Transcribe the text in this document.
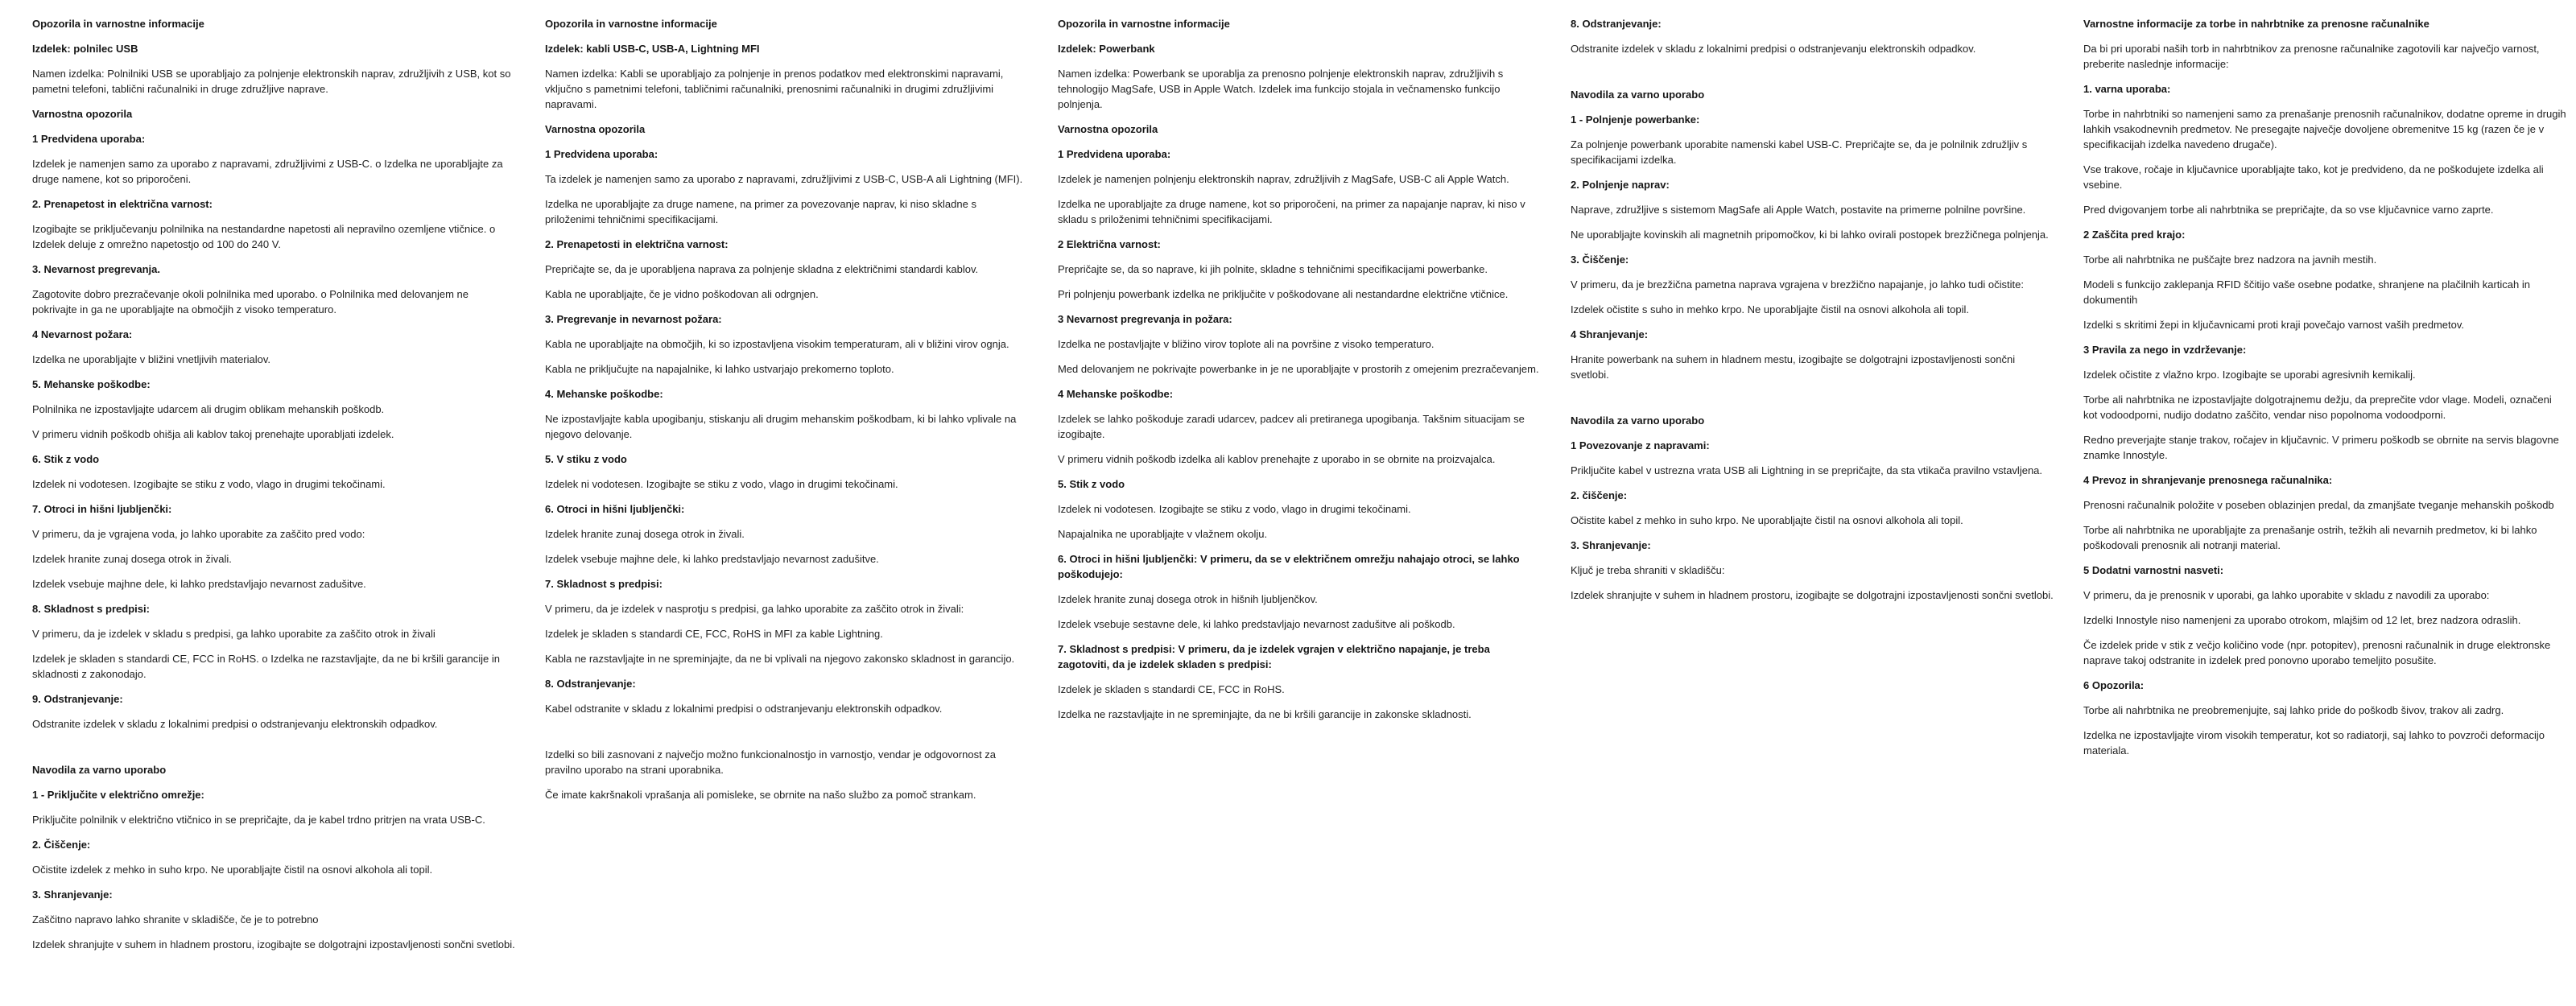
Opozorila in varnostne informacije

Izdelek: polnilec USB

Namen izdelka: Polnilniki USB se uporabljajo za polnjenje elektronskih naprav, združljivih z USB, kot so pametni telefoni, tablični računalniki in druge združljive naprave.

Varnostna opozorila

1 Predvidena uporaba:

Izdelek je namenjen samo za uporabo z napravami, združljivimi z USB-C. o Izdelka ne uporabljajte za druge namene, kot so priporočeni.

2. Prenapetost in električna varnost:

Izogibajte se priključevanju polnilnika na nestandardne napetosti ali nepravilno ozemljene vtičnice. o Izdelek deluje z omrežno napetostjo od 100 do 240 V.

3. Nevarnost pregrevanja.

Zagotovite dobro prezračevanje okoli polnilnika med uporabo. o Polnilnika med delovanjem ne pokrivajte in ga ne uporabljajte na območjih z visoko temperaturo.

4 Nevarnost požara:

Izdelka ne uporabljajte v bližini vnetljivih materialov.

5. Mehanske poškodbe:

Polnilnika ne izpostavljajte udarcem ali drugim oblikam mehanskih poškodb.

V primeru vidnih poškodb ohišja ali kablov takoj prenehajte uporabljati izdelek.

6. Stik z vodo

Izdelek ni vodotesen. Izogibajte se stiku z vodo, vlago in drugimi tekočinami.

7. Otroci in hišni ljubljenčki:

V primeru, da je vgrajena voda, jo lahko uporabite za zaščito pred vodo:

Izdelek hranite zunaj dosega otrok in živali.

Izdelek vsebuje majhne dele, ki lahko predstavljajo nevarnost zadušitve.

8. Skladnost s predpisi:

V primeru, da je izdelek v skladu s predpisi, ga lahko uporabite za zaščito otrok in živali

Izdelek je skladen s standardi CE, FCC in RoHS. o Izdelka ne razstavljajte, da ne bi kršili garancije in skladnosti z zakonodajo.

9. Odstranjevanje:

Odstranite izdelek v skladu z lokalnimi predpisi o odstranjevanju elektronskih odpadkov.

Navodila za varno uporabo

1 - Priključite v električno omrežje:

Priključite polnilnik v električno vtičnico in se prepričajte, da je kabel trdno pritrjen na vrata USB-C.

2. Čiščenje:

Očistite izdelek z mehko in suho krpo. Ne uporabljajte čistil na osnovi alkohola ali topil.

3. Shranjevanje:

Zaščitno napravo lahko shranite v skladišče, če je to potrebno

Izdelek shranjujte v suhem in hladnem prostoru, izogibajte se dolgotrajni izpostavljenosti sončni svetlobi.

Opozorila in varnostne informacije

Izdelek: kabli USB-C, USB-A, Lightning MFI

Namen izdelka: Kabli se uporabljajo za polnjenje in prenos podatkov med elektronskimi napravami, vključno s pametnimi telefoni, tabličnimi računalniki, prenosnimi računalniki in drugimi združljivimi napravami.

Varnostna opozorila

1 Predvidena uporaba:

Ta izdelek je namenjen samo za uporabo z napravami, združljivimi z USB-C, USB-A ali Lightning (MFI).

Izdelka ne uporabljajte za druge namene, na primer za povezovanje naprav, ki niso skladne s priloženimi tehničnimi specifikacijami.

2. Prenapetosti in električna varnost:

Prepričajte se, da je uporabljena naprava za polnjenje skladna z električnimi standardi kablov.

Kabla ne uporabljajte, če je vidno poškodovan ali odrgnjen.

3. Pregrevanje in nevarnost požara:

Kabla ne uporabljajte na območjih, ki so izpostavljena visokim temperaturam, ali v bližini virov ognja.

Kabla ne priključujte na napajalnike, ki lahko ustvarjajo prekomerno toploto.

4. Mehanske poškodbe:

Ne izpostavljajte kabla upogibanju, stiskanju ali drugim mehanskim poškodbam, ki bi lahko vplivale na njegovo delovanje.

5. V stiku z vodo

Izdelek ni vodotesen. Izogibajte se stiku z vodo, vlago in drugimi tekočinami.

6. Otroci in hišni ljubljenčki:

Izdelek hranite zunaj dosega otrok in živali.

Izdelek vsebuje majhne dele, ki lahko predstavljajo nevarnost zadušitve.

7. Skladnost s predpisi:

V primeru, da je izdelek v nasprotju s predpisi, ga lahko uporabite za zaščito otrok in živali:

Izdelek je skladen s standardi CE, FCC, RoHS in MFI za kable Lightning.

Kabla ne razstavljajte in ne spreminjajte, da ne bi vplivali na njegovo zakonsko skladnost in garancijo.

8. Odstranjevanje:

Kabel odstranite v skladu z lokalnimi predpisi o odstranjevanju elektronskih odpadkov.

Izdelki so bili zasnovani z največjo možno funkcionalnostjo in varnostjo, vendar je odgovornost za pravilno uporabo na strani uporabnika.

Če imate kakršnakoli vprašanja ali pomisleke, se obrnite na našo službo za pomoč strankam.

Opozorila in varnostne informacije

Izdelek: Powerbank

Namen izdelka: Powerbank se uporablja za prenosno polnjenje elektronskih naprav, združljivih s tehnologijo MagSafe, USB in Apple Watch. Izdelek ima funkcijo stojala in večnamensko funkcijo polnjenja.

Varnostna opozorila

1 Predvidena uporaba:

Izdelek je namenjen polnjenju elektronskih naprav, združljivih z MagSafe, USB-C ali Apple Watch.

Izdelka ne uporabljajte za druge namene, kot so priporočeni, na primer za napajanje naprav, ki niso v skladu s priloženimi tehničnimi specifikacijami.

2 Električna varnost:

Prepričajte se, da so naprave, ki jih polnite, skladne s tehničnimi specifikacijami powerbanke.

Pri polnjenju powerbank izdelka ne priključite v poškodovane ali nestandardne električne vtičnice.

3 Nevarnost pregrevanja in požara:

Izdelka ne postavljajte v bližino virov toplote ali na površine z visoko temperaturo.

Med delovanjem ne pokrivajte powerbanke in je ne uporabljajte v prostorih z omejenim prezračevanjem.

4 Mehanske poškodbe:

Izdelek se lahko poškoduje zaradi udarcev, padcev ali pretiranega upogibanja. Takšnim situacijam se izogibajte.

V primeru vidnih poškodb izdelka ali kablov prenehajte z uporabo in se obrnite na proizvajalca.

5. Stik z vodo

Izdelek ni vodotesen. Izogibajte se stiku z vodo, vlago in drugimi tekočinami.

Napajalnika ne uporabljajte v vlažnem okolju.

6. Otroci in hišni ljubljenčki: V primeru, da se v električnem omrežju nahajajo otroci, se lahko poškodujejo:

Izdelek hranite zunaj dosega otrok in hišnih ljubljenčkov.

Izdelek vsebuje sestavne dele, ki lahko predstavljajo nevarnost zadušitve ali poškodb.

7. Skladnost s predpisi: V primeru, da je izdelek vgrajen v električno napajanje, je treba zagotoviti, da je izdelek skladen s predpisi:

Izdelek je skladen s standardi CE, FCC in RoHS.

Izdelka ne razstavljajte in ne spreminjajte, da ne bi kršili garancije in zakonske skladnosti.

8. Odstranjevanje:

Odstranite izdelek v skladu z lokalnimi predpisi o odstranjevanju elektronskih odpadkov.

Navodila za varno uporabo

1 - Polnjenje powerbanke:

Za polnjenje powerbank uporabite namenski kabel USB-C. Prepričajte se, da je polnilnik združljiv s specifikacijami izdelka.

2. Polnjenje naprav:

Naprave, združljive s sistemom MagSafe ali Apple Watch, postavite na primerne polnilne površine.

Ne uporabljajte kovinskih ali magnetnih pripomočkov, ki bi lahko ovirali postopek brezžičnega polnjenja.

3. Čiščenje:

V primeru, da je brezžična pametna naprava vgrajena v brezžično napajanje, jo lahko tudi očistite:

Izdelek očistite s suho in mehko krpo. Ne uporabljajte čistil na osnovi alkohola ali topil.

4 Shranjevanje:

Hranite powerbank na suhem in hladnem mestu, izogibajte se dolgotrajni izpostavljenosti sončni svetlobi.

Navodila za varno uporabo

1 Povezovanje z napravami:

Priključite kabel v ustrezna vrata USB ali Lightning in se prepričajte, da sta vtikača pravilno vstavljena.

2. čiščenje:

Očistite kabel z mehko in suho krpo. Ne uporabljajte čistil na osnovi alkohola ali topil.

3. Shranjevanje:

Ključ je treba shraniti v skladišču:

Izdelek shranjujte v suhem in hladnem prostoru, izogibajte se dolgotrajni izpostavljenosti sončni svetlobi.

Varnostne informacije za torbe in nahrbtnike za prenosne računalnike

Da bi pri uporabi naših torb in nahrbtnikov za prenosne računalnike zagotovili kar največjo varnost, preberite naslednje informacije:

1. varna uporaba:

Torbe in nahrbtniki so namenjeni samo za prenašanje prenosnih računalnikov, dodatne opreme in drugih lahkih vsakodnevnih predmetov. Ne presegajte največje dovoljene obremenitve 15 kg (razen če je v specifikacijah izdelka navedeno drugače).

Vse trakove, ročaje in ključavnice uporabljajte tako, kot je predvideno, da ne poškodujete izdelka ali vsebine.

Pred dvigovanjem torbe ali nahrbtnika se prepričajte, da so vse ključavnice varno zaprte.

2 Zaščita pred krajo:

Torbe ali nahrbtnika ne puščajte brez nadzora na javnih mestih.

Modeli s funkcijo zaklepanja RFID ščitijo vaše osebne podatke, shranjene na plačilnih karticah in dokumentih

Izdelki s skritimi žepi in ključavnicami proti kraji povečajo varnost vaših predmetov.

3 Pravila za nego in vzdrževanje:

Izdelek očistite z vlažno krpo. Izogibajte se uporabi agresivnih kemikalij.

Torbe ali nahrbtnika ne izpostavljajte dolgotrajnemu dežju, da preprečite vdor vlage. Modeli, označeni kot vodoodporni, nudijo dodatno zaščito, vendar niso popolnoma vodoodporni.

Redno preverjajte stanje trakov, ročajev in ključavnic. V primeru poškodb se obrnite na servis blagovne znamke Innostyle.

4 Prevoz in shranjevanje prenosnega računalnika:

Prenosni računalnik položite v poseben oblazinjen predal, da zmanjšate tveganje mehanskih poškodb

Torbe ali nahrbtnika ne uporabljajte za prenašanje ostrih, težkih ali nevarnih predmetov, ki bi lahko poškodovali prenosnik ali notranji material.

5 Dodatni varnostni nasveti:

V primeru, da je prenosnik v uporabi, ga lahko uporabite v skladu z navodili za uporabo:

Izdelki Innostyle niso namenjeni za uporabo otrokom, mlajšim od 12 let, brez nadzora odraslih.

Če izdelek pride v stik z večjo količino vode (npr. potopitev), prenosni računalnik in druge elektronske naprave takoj odstranite in izdelek pred ponovno uporabo temeljito posušite.

6 Opozorila:

Torbe ali nahrbtnika ne preobremenjujte, saj lahko pride do poškodb šivov, trakov ali zadrg.

Izdelka ne izpostavljajte virom visokih temperatur, kot so radiatorji, saj lahko to povzroči deformacijo materiala.
